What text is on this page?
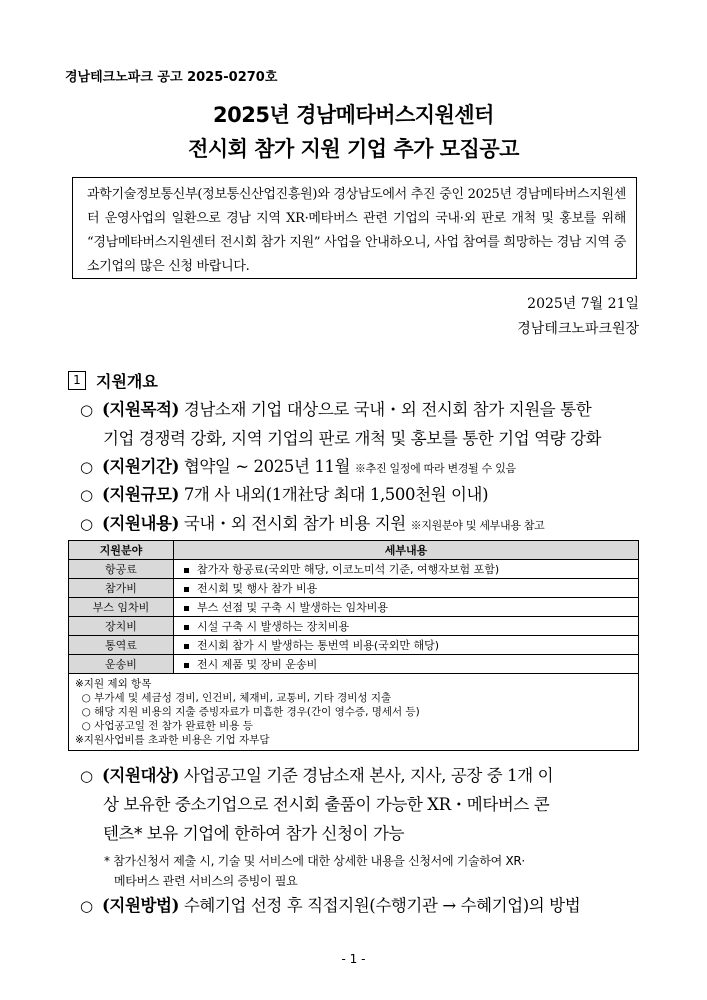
경남테크노파크 공고 2025-0270호
2025년 경남메타버스지원센터
전시회 참가 지원 기업 추가 모집공고
과학기술정보통신부(정보통신산업진흥원)와 경상남도에서 추진 중인 2025년 경남메타버스지원센터 운영사업의 일환으로 경남 지역 XR·메타버스 관련 기업의 국내·외 판로 개척 및 홍보를 위해 “경남메타버스지원센터 전시회 참가 지원” 사업을 안내하오니, 사업 참여를 희망하는 경남 지역 중소기업의 많은 신청 바랍니다.
2025년 7월 21일
경남테크노파크원장
1 지원개요
○ (지원목적) 경남소재 기업 대상으로 국내・외 전시회 참가 지원을 통한
기업 경쟁력 강화, 지역 기업의 판로 개척 및 홍보를 통한 기업 역량 강화
○ (지원기간) 협약일 ~ 2025년 11월 ※추진 일정에 따라 변경될 수 있음
○ (지원규모) 7개 사 내외(1개社당 최대 1,500천원 이내)
○ (지원내용) 국내・외 전시회 참가 비용 지원 ※지원분야 및 세부내용 참고
지원분야	세부내용
항공료	참가자 항공료(국외만 해당, 이코노미석 기준, 여행자보험 포함)
참가비	전시회 및 행사 참가 비용
부스 임차비	부스 선점 및 구축 시 발생하는 임차비용
장치비	시설 구축 시 발생하는 장치비용
통역료	전시회 참가 시 발생하는 통번역 비용(국외만 해당)
운송비	전시 제품 및 장비 운송비

※지원 제외 항목
○ 부가세 및 세금성 경비, 인건비, 체재비, 교통비, 기타 경비성 지출
○ 해당 지원 비용의 지출 증빙자료가 미흡한 경우(간이 영수증, 명세서 등)
○ 사업공고일 전 참가 완료한 비용 등
※지원사업비를 초과한 비용은 기업 자부담	
○ (지원대상) 사업공고일 기준 경남소재 본사, 지사, 공장 중 1개 이
상 보유한 중소기업으로 전시회 출품이 가능한 XR・메타버스 콘
텐츠* 보유 기업에 한하여 참가 신청이 가능
* 참가신청서 제출 시, 기술 및 서비스에 대한 상세한 내용을 신청서에 기술하여 XR·
메타버스 관련 서비스의 증빙이 필요
○ (지원방법) 수혜기업 선정 후 직접지원(수행기관 → 수혜기업)의 방법
- 1 -
